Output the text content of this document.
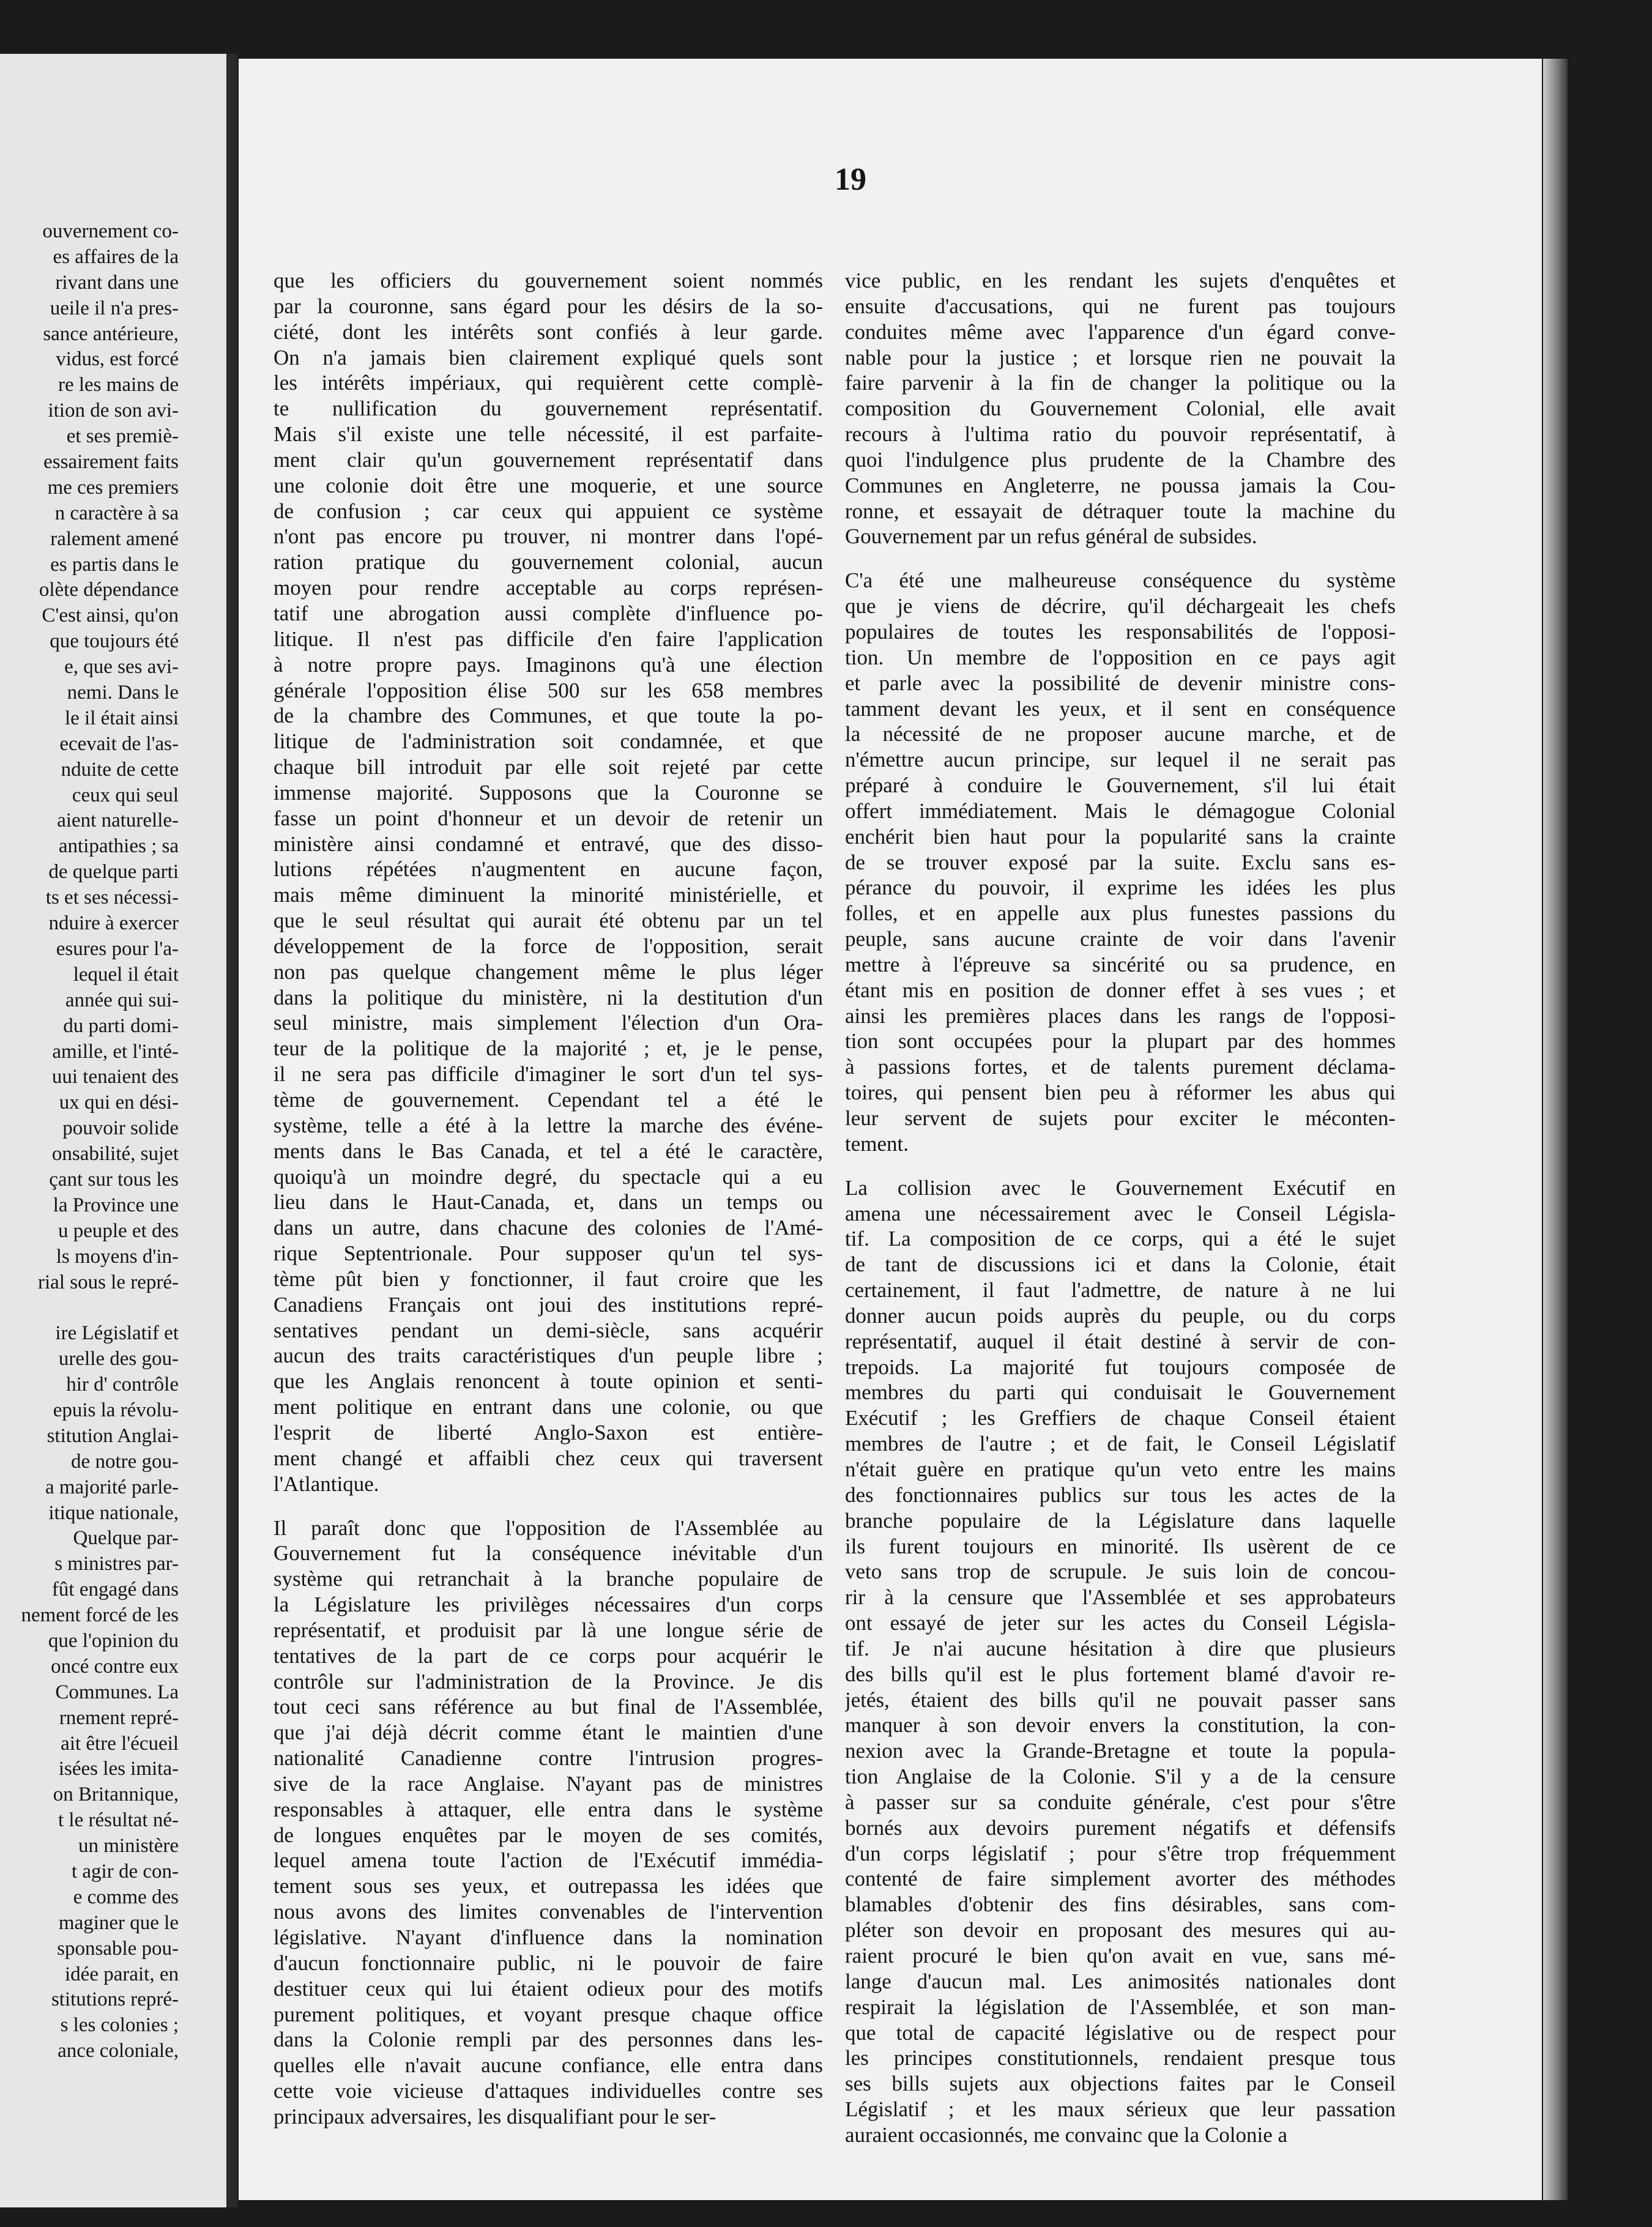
ouvernement co-
es affaires de la
rivant dans une
ueile il n'a pres-
sance antérieure,
vidus, est forcé
re les mains de
ition de son avi-
et ses premiè-
essairement faits
me ces premiers
n caractère à sa
ralement amené
es partis dans le
olète dépendance
C'est ainsi, qu'on
que toujours été
e, que ses avi-
nemi. Dans le
le il était ainsi
ecevait de l'as-
nduite de cette
ceux qui seul
aient naturelle-
antipathies ; sa
de quelque parti
ts et ses nécessi-
nduire à exercer
esures pour l'a-
lequel il était
année qui sui-
du parti domi-
amille, et l'inté-
uui tenaient des
ux qui en dési-
pouvoir solide
onsabilité, sujet
çant sur tous les
la Province une
u peuple et des
ls moyens d'in-
rial sous le repré-
ire Législatif et
urelle des gou-
hir d' contrôle
epuis la révolu-
stitution Anglai-
de notre gou-
a majorité parle-
itique nationale,
Quelque par-
s ministres par-
fût engagé dans
nement forcé de les
que l'opinion du
oncé contre eux
Communes. La
rnement repré-
ait être l'écueil
isées les imita-
on Britannique,
t le résultat né-
un ministère
t agir de con-
e comme des
maginer que le
sponsable pou-
idée parait, en
stitutions repré-
s les colonies ;
ance coloniale,
19

que les officiers du gouvernement soient nommés
par la couronne, sans égard pour les désirs de la so-
ciété, dont les intérêts sont confiés à leur garde.
On n'a jamais bien clairement expliqué quels sont
les intérêts impériaux, qui requièrent cette complè-
te nullification du gouvernement représentatif.
Mais s'il existe une telle nécessité, il est parfaite-
ment clair qu'un gouvernement représentatif dans
une colonie doit être une moquerie, et une source
de confusion ; car ceux qui appuient ce système
n'ont pas encore pu trouver, ni montrer dans l'opé-
ration pratique du gouvernement colonial, aucun
moyen pour rendre acceptable au corps représen-
tatif une abrogation aussi complète d'influence po-
litique. Il n'est pas difficile d'en faire l'application
à notre propre pays. Imaginons qu'à une élection
générale l'opposition élise 500 sur les 658 membres
de la chambre des Communes, et que toute la po-
litique de l'administration soit condamnée, et que
chaque bill introduit par elle soit rejeté par cette
immense majorité. Supposons que la Couronne se
fasse un point d'honneur et un devoir de retenir un
ministère ainsi condamné et entravé, que des disso-
lutions répétées n'augmentent en aucune façon,
mais même diminuent la minorité ministérielle, et
que le seul résultat qui aurait été obtenu par un tel
développement de la force de l'opposition, serait
non pas quelque changement même le plus léger
dans la politique du ministère, ni la destitution d'un
seul ministre, mais simplement l'élection d'un Ora-
teur de la politique de la majorité ; et, je le pense,
il ne sera pas difficile d'imaginer le sort d'un tel sys-
tème de gouvernement. Cependant tel a été le
système, telle a été à la lettre la marche des événe-
ments dans le Bas Canada, et tel a été le caractère,
quoiqu'à un moindre degré, du spectacle qui a eu
lieu dans le Haut-Canada, et, dans un temps ou
dans un autre, dans chacune des colonies de l'Amé-
rique Septentrionale. Pour supposer qu'un tel sys-
tème pût bien y fonctionner, il faut croire que les
Canadiens Français ont joui des institutions repré-
sentatives pendant un demi-siècle, sans acquérir
aucun des traits caractéristiques d'un peuple libre ;
que les Anglais renoncent à toute opinion et senti-
ment politique en entrant dans une colonie, ou que
l'esprit de liberté Anglo-Saxon est entière-
ment changé et affaibli chez ceux qui traversent
l'Atlantique.

Il paraît donc que l'opposition de l'Assemblée au
Gouvernement fut la conséquence inévitable d'un
système qui retranchait à la branche populaire de
la Législature les privilèges nécessaires d'un corps
représentatif, et produisit par là une longue série de
tentatives de la part de ce corps pour acquérir le
contrôle sur l'administration de la Province. Je dis
tout ceci sans référence au but final de l'Assemblée,
que j'ai déjà décrit comme étant le maintien d'une
nationalité Canadienne contre l'intrusion progres-
sive de la race Anglaise. N'ayant pas de ministres
responsables à attaquer, elle entra dans le système
de longues enquêtes par le moyen de ses comités,
lequel amena toute l'action de l'Exécutif immédia-
tement sous ses yeux, et outrepassa les idées que
nous avons des limites convenables de l'intervention
législative. N'ayant d'influence dans la nomination
d'aucun fonctionnaire public, ni le pouvoir de faire
destituer ceux qui lui étaient odieux pour des motifs
purement politiques, et voyant presque chaque office
dans la Colonie rempli par des personnes dans les-
quelles elle n'avait aucune confiance, elle entra dans
cette voie vicieuse d'attaques individuelles contre ses
principaux adversaires, les disqualifiant pour le ser-

vice public, en les rendant les sujets d'enquêtes et
ensuite d'accusations, qui ne furent pas toujours
conduites même avec l'apparence d'un égard conve-
nable pour la justice ; et lorsque rien ne pouvait la
faire parvenir à la fin de changer la politique ou la
composition du Gouvernement Colonial, elle avait
recours à l'ultima ratio du pouvoir représentatif, à
quoi l'indulgence plus prudente de la Chambre des
Communes en Angleterre, ne poussa jamais la Cou-
ronne, et essayait de détraquer toute la machine du
Gouvernement par un refus général de subsides.

C'a été une malheureuse conséquence du système
que je viens de décrire, qu'il déchargeait les chefs
populaires de toutes les responsabilités de l'opposi-
tion. Un membre de l'opposition en ce pays agit
et parle avec la possibilité de devenir ministre cons-
tamment devant les yeux, et il sent en conséquence
la nécessité de ne proposer aucune marche, et de
n'émettre aucun principe, sur lequel il ne serait pas
préparé à conduire le Gouvernement, s'il lui était
offert immédiatement. Mais le démagogue Colonial
enchérit bien haut pour la popularité sans la crainte
de se trouver exposé par la suite. Exclu sans es-
pérance du pouvoir, il exprime les idées les plus
folles, et en appelle aux plus funestes passions du
peuple, sans aucune crainte de voir dans l'avenir
mettre à l'épreuve sa sincérité ou sa prudence, en
étant mis en position de donner effet à ses vues ; et
ainsi les premières places dans les rangs de l'opposi-
tion sont occupées pour la plupart par des hommes
à passions fortes, et de talents purement déclama-
toires, qui pensent bien peu à réformer les abus qui
leur servent de sujets pour exciter le méconten-
tement.

La collision avec le Gouvernement Exécutif en
amena une nécessairement avec le Conseil Législa-
tif. La composition de ce corps, qui a été le sujet
de tant de discussions ici et dans la Colonie, était
certainement, il faut l'admettre, de nature à ne lui
donner aucun poids auprès du peuple, ou du corps
représentatif, auquel il était destiné à servir de con-
trepoids. La majorité fut toujours composée de
membres du parti qui conduisait le Gouvernement
Exécutif ; les Greffiers de chaque Conseil étaient
membres de l'autre ; et de fait, le Conseil Législatif
n'était guère en pratique qu'un veto entre les mains
des fonctionnaires publics sur tous les actes de la
branche populaire de la Législature dans laquelle
ils furent toujours en minorité. Ils usèrent de ce
veto sans trop de scrupule. Je suis loin de concou-
rir à la censure que l'Assemblée et ses approbateurs
ont essayé de jeter sur les actes du Conseil Législa-
tif. Je n'ai aucune hésitation à dire que plusieurs
des bills qu'il est le plus fortement blamé d'avoir re-
jetés, étaient des bills qu'il ne pouvait passer sans
manquer à son devoir envers la constitution, la con-
nexion avec la Grande-Bretagne et toute la popula-
tion Anglaise de la Colonie. S'il y a de la censure
à passer sur sa conduite générale, c'est pour s'être
bornés aux devoirs purement négatifs et défensifs
d'un corps législatif ; pour s'être trop fréquemment
contenté de faire simplement avorter des méthodes
blamables d'obtenir des fins désirables, sans com-
pléter son devoir en proposant des mesures qui au-
raient procuré le bien qu'on avait en vue, sans mé-
lange d'aucun mal. Les animosités nationales dont
respirait la législation de l'Assemblée, et son man-
que total de capacité législative ou de respect pour
les principes constitutionnels, rendaient presque tous
ses bills sujets aux objections faites par le Conseil
Législatif ; et les maux sérieux que leur passation
auraient occasionnés, me convainc que la Colonie a
